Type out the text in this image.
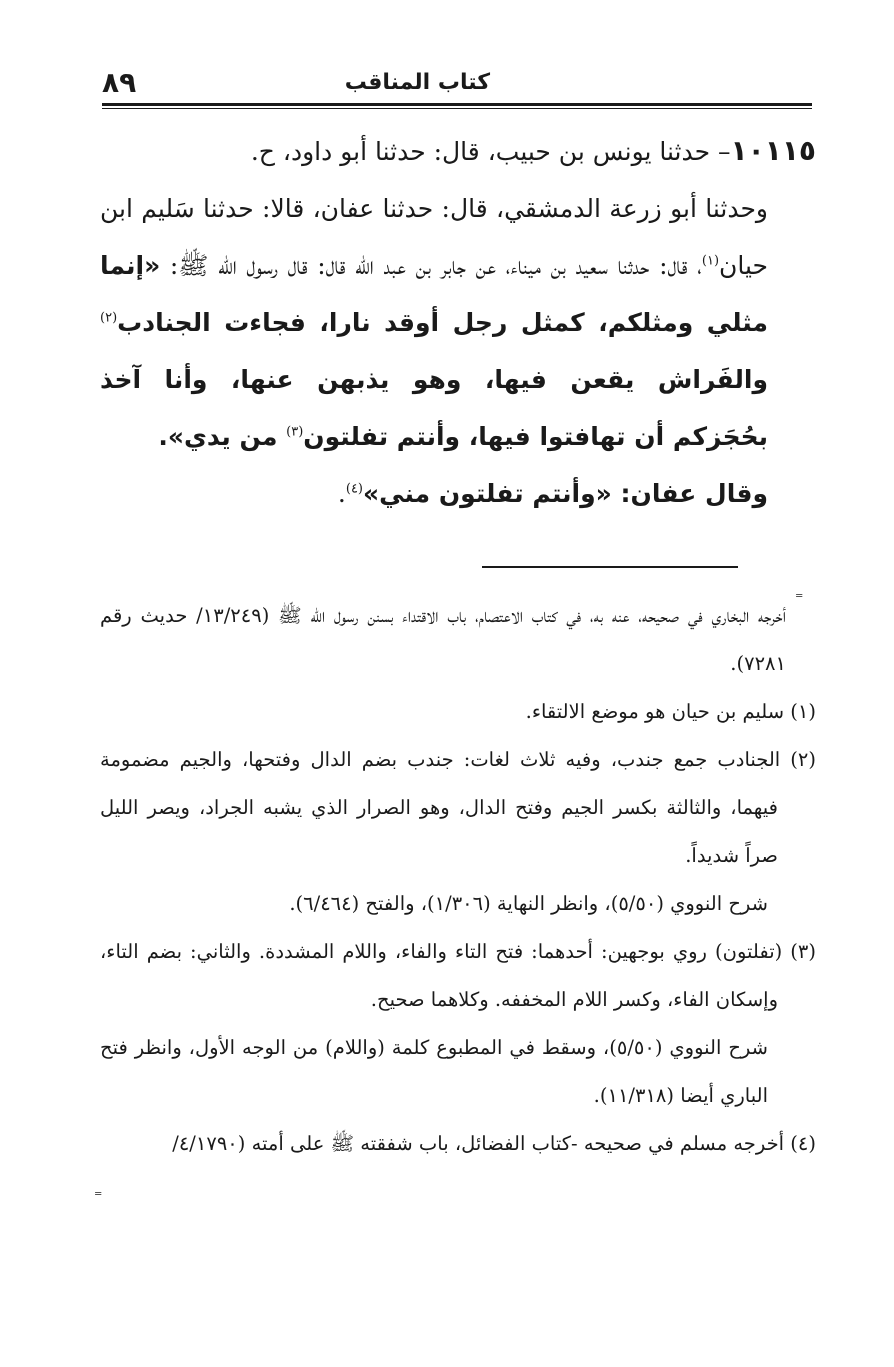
كتاب المناقب
٨٩

١٠١١٥– حدثنا يونس بن حبيب، قال: حدثنا أبو داود، ح.

وحدثنا أبو زرعة الدمشقي، قال: حدثنا عفان، قالا: حدثنا سَليم ابن حيان$^{(١)}$، قال: حدثنا سعيد بن ميناء، عن جابر بن عبد الله قال: قال رسول الله ﷺ: «إنما مثلي ومثلكم، كمثل رجل أوقد نارا، فجاءت الجنادب$^{(٢)}$ والفَراش يقعن فيها، وهو يذبهن عنها، وأنا آخذ بحُجَزكم أن تهافتوا فيها، وأنتم تفلتون$^{(٣)}$ من يدي».

وقال عفان: «وأنتم تفلتون مني»$^{(٤)}$.

=

أخرجه البخاري في صحيحه، عنه به، في كتاب الاعتصام، باب الاقتداء بسنن رسول الله ﷺ (١٣/٢٤٩/ حديث رقم ٧٢٨١).

(١) سليم بن حيان هو موضع الالتقاء.

(٢) الجنادب جمع جندب، وفيه ثلاث لغات: جندب بضم الدال وفتحها، والجيم مضمومة فيهما، والثالثة بكسر الجيم وفتح الدال، وهو الصرار الذي يشبه الجراد، ويصر الليل صراً شديداً.

شرح النووي (٥/٥٠)، وانظر النهاية (١/٣٠٦)، والفتح (٦/٤٦٤).

(٣) (تفلتون) روي بوجهين: أحدهما: فتح التاء والفاء، واللام المشددة. والثاني: بضم التاء، وإسكان الفاء، وكسر اللام المخففه. وكلاهما صحيح.

شرح النووي (٥/٥٠)، وسقط في المطبوع كلمة (واللام) من الوجه الأول، وانظر فتح الباري أيضا (١١/٣١٨).

(٤) أخرجه مسلم في صحيحه -كتاب الفضائل، باب شفقته ﷺ على أمته (٤/١٧٩٠/

=
